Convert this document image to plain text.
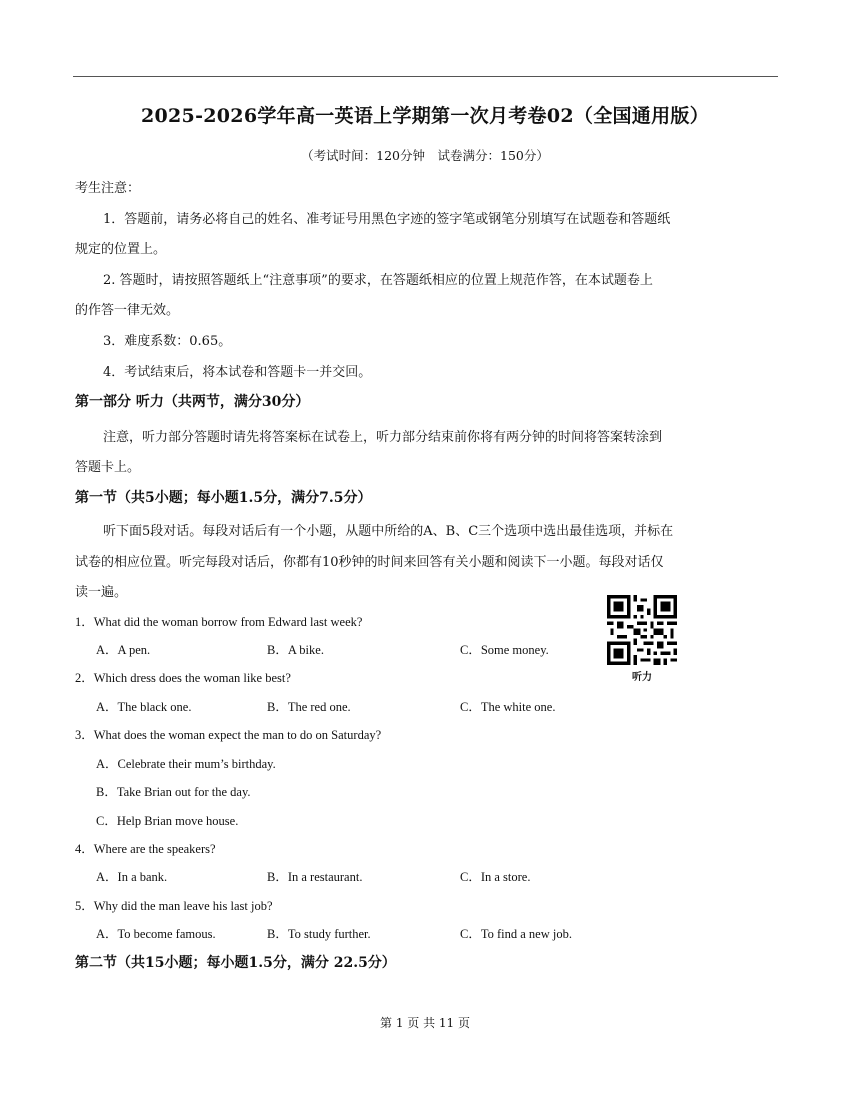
2025-2026学年高一英语上学期第一次月考卷02（全国通用版）
（考试时间：120分钟　试卷满分：150分）
考生注意：
1．答题前，请务必将自己的姓名、准考证号用黑色字迹的签字笔或钢笔分别填写在试题卷和答题纸
规定的位置上。
2. 答题时，请按照答题纸上“注意事项”的要求，在答题纸相应的位置上规范作答，在本试题卷上
的作答一律无效。
3．难度系数：0.65。
4．考试结束后，将本试卷和答题卡一并交回。
第一部分 听力（共两节，满分30分）
注意，听力部分答题时请先将答案标在试卷上，听力部分结束前你将有两分钟的时间将答案转涂到
答题卡上。
第一节（共5小题；每小题1.5分，满分7.5分）
听下面5段对话。每段对话后有一个小题，从题中所给的A、B、C三个选项中选出最佳选项，并标在
试卷的相应位置。听完每段对话后，你都有10秒钟的时间来回答有关小题和阅读下一小题。每段对话仅
读一遍。
听力
1．What did the woman borrow from Edward last week?
A．A pen.	B．A bike.	C．Some money.
2．Which dress does the woman like best?
A．The black one.	B．The red one.	C．The white one.
3．What does the woman expect the man to do on Saturday?
A．Celebrate their mum’s birthday.
B．Take Brian out for the day.
C．Help Brian move house.
4．Where are the speakers?
A．In a bank.	B．In a restaurant.	C．In a store.
5．Why did the man leave his last job?
A．To become famous.	B．To study further.	C．To find a new job.
第二节（共15小题；每小题1.5分，满分 22.5分）
第 1 页 共 11 页
